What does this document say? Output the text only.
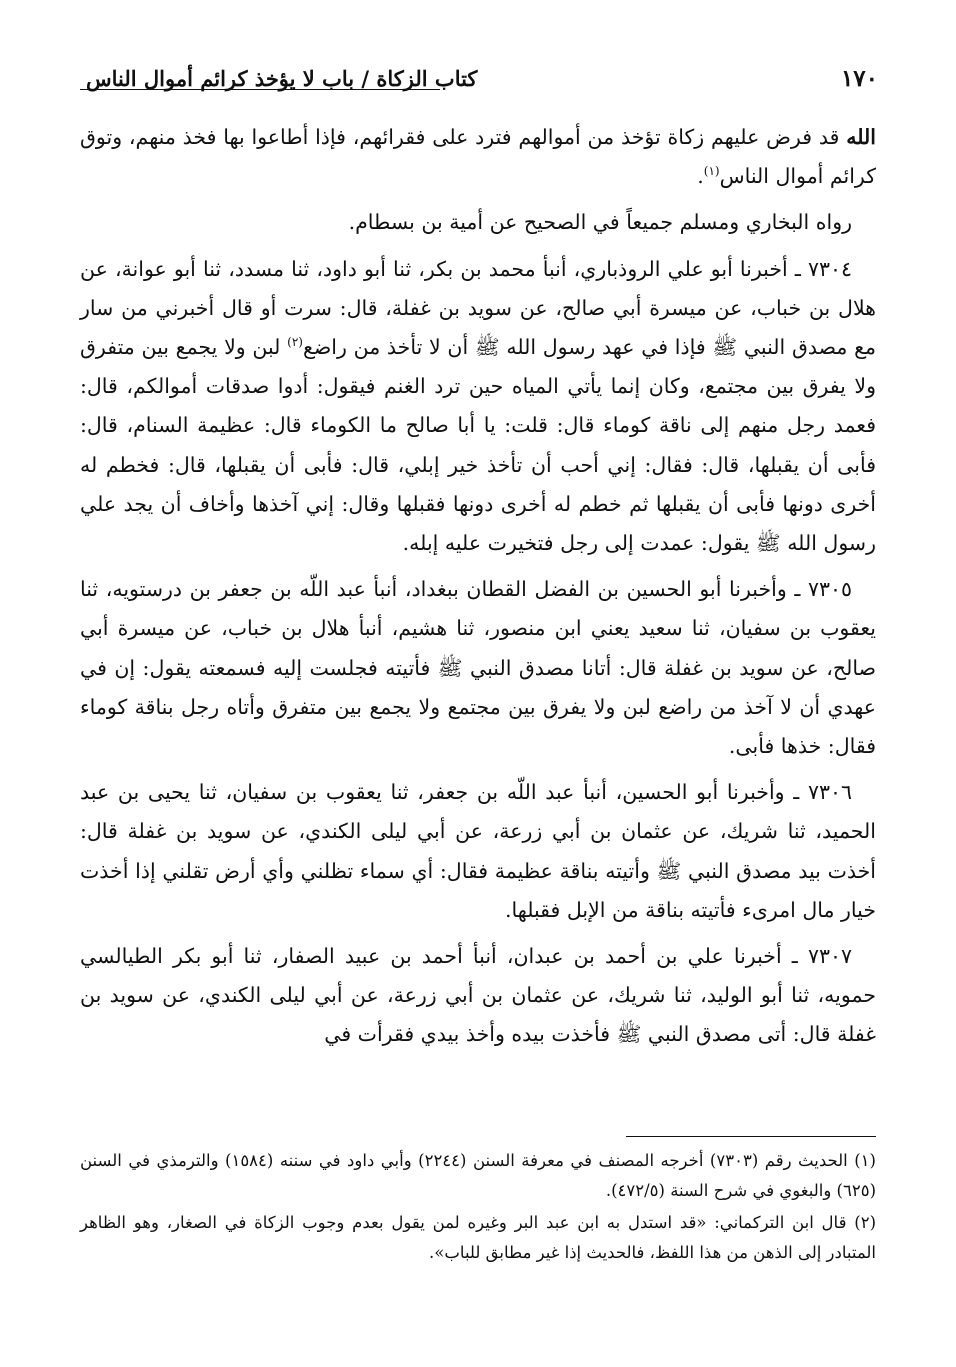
١٧٠
كتاب الزكاة / باب لا يؤخذ كرائم أموال الناس

الله قد فرض عليهم زكاة تؤخذ من أموالهم فترد على فقرائهم، فإذا أطاعوا بها فخذ منهم، وتوق كرائم أموال الناس$^{(١)}$.

رواه البخاري ومسلم جميعاً في الصحيح عن أمية بن بسطام.

٧٣٠٤ ـ أخبرنا أبو علي الروذباري، أنبأ محمد بن بكر، ثنا أبو داود، ثنا مسدد، ثنا أبو عوانة، عن هلال بن خباب، عن ميسرة أبي صالح، عن سويد بن غفلة، قال: سرت أو قال أخبرني من سار مع مصدق النبي ﷺ فإذا في عهد رسول الله ﷺ أن لا تأخذ من راضع$^{(٢)}$ لبن ولا يجمع بين متفرق ولا يفرق بين مجتمع، وكان إنما يأتي المياه حين ترد الغنم فيقول: أدوا صدقات أموالكم، قال: فعمد رجل منهم إلى ناقة كوماء قال: قلت: يا أبا صالح ما الكوماء قال: عظيمة السنام، قال: فأبى أن يقبلها، قال: فقال: إني أحب أن تأخذ خير إبلي، قال: فأبى أن يقبلها، قال: فخطم له أخرى دونها فأبى أن يقبلها ثم خطم له أخرى دونها فقبلها وقال: إني آخذها وأخاف أن يجد علي رسول الله ﷺ يقول: عمدت إلى رجل فتخيرت عليه إبله.

٧٣٠٥ ـ وأخبرنا أبو الحسين بن الفضل القطان ببغداد، أنبأ عبد اللّه بن جعفر بن درستويه، ثنا يعقوب بن سفيان، ثنا سعيد يعني ابن منصور، ثنا هشيم، أنبأ هلال بن خباب، عن ميسرة أبي صالح، عن سويد بن غفلة قال: أتانا مصدق النبي ﷺ فأتيته فجلست إليه فسمعته يقول: إن في عهدي أن لا آخذ من راضع لبن ولا يفرق بين مجتمع ولا يجمع بين متفرق وأتاه رجل بناقة كوماء فقال: خذها فأبى.

٧٣٠٦ ـ وأخبرنا أبو الحسين، أنبأ عبد اللّه بن جعفر، ثنا يعقوب بن سفيان، ثنا يحيى بن عبد الحميد، ثنا شريك، عن عثمان بن أبي زرعة، عن أبي ليلى الكندي، عن سويد بن غفلة قال: أخذت بيد مصدق النبي ﷺ وأتيته بناقة عظيمة فقال: أي سماء تظلني وأي أرض تقلني إذا أخذت خيار مال امرىء فأتيته بناقة من الإبل فقبلها.

٧٣٠٧ ـ أخبرنا علي بن أحمد بن عبدان، أنبأ أحمد بن عبيد الصفار، ثنا أبو بكر الطيالسي حمويه، ثنا أبو الوليد، ثنا شريك، عن عثمان بن أبي زرعة، عن أبي ليلى الكندي، عن سويد بن غفلة قال: أتى مصدق النبي ﷺ فأخذت بيده وأخذ بيدي فقرأت في

(١) الحديث رقم (٧٣٠٣) أخرجه المصنف في معرفة السنن (٢٢٤٤) وأبي داود في سننه (١٥٨٤) والترمذي في السنن (٦٢٥) والبغوي في شرح السنة (٤٧٢/٥).

(٢) قال ابن التركماني: «قد استدل به ابن عبد البر وغيره لمن يقول بعدم وجوب الزكاة في الصغار، وهو الظاهر المتبادر إلى الذهن من هذا اللفظ، فالحديث إذا غير مطابق للباب».
